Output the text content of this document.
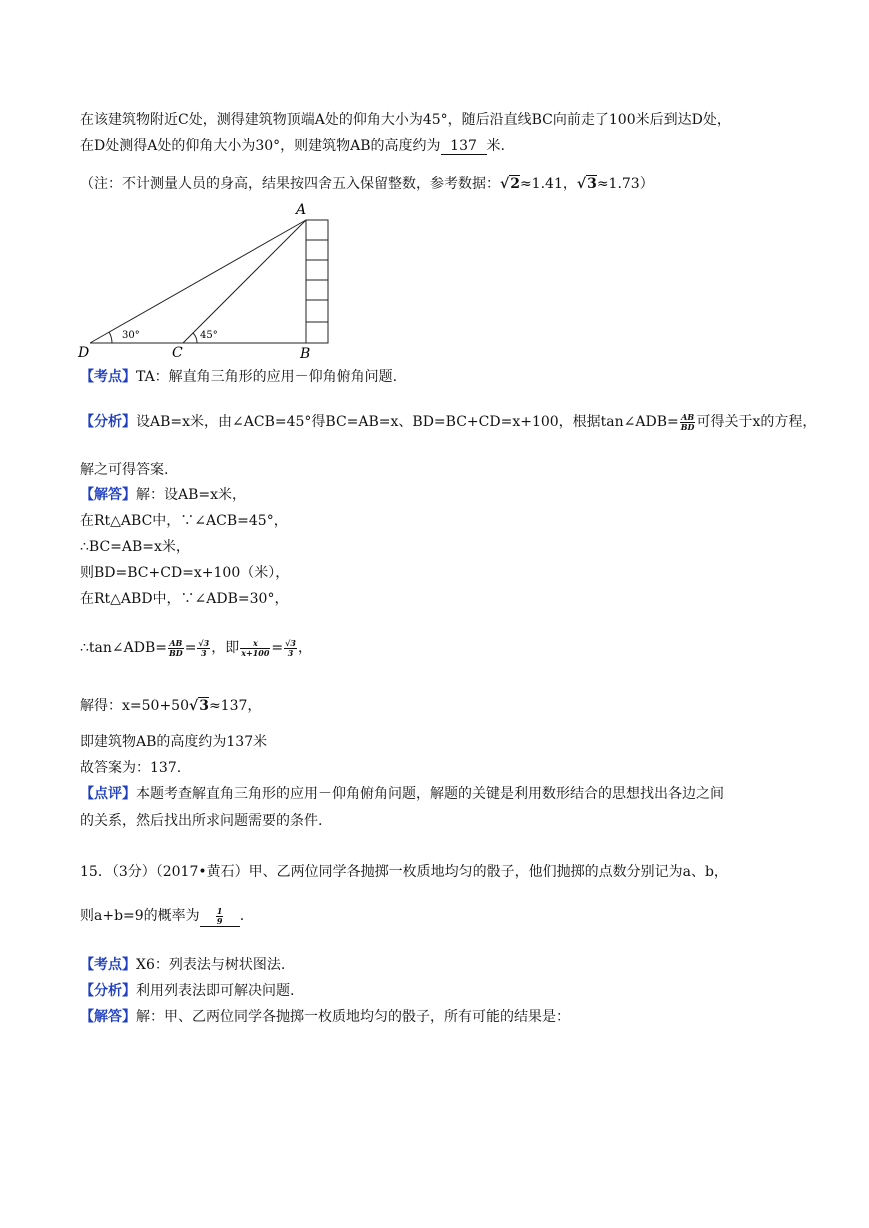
在该建筑物附近C处，测得建筑物顶端A处的仰角大小为45°，随后沿直线BC向前走了100米后到达D处，
在D处测得A处的仰角大小为30°，则建筑物AB的高度约为 137 米.
（注：不计测量人员的身高，结果按四舍五入保留整数，参考数据：√2≈1.41，√3≈1.73）
A
B
C
D
30°	45°
【考点】TA：解直角三角形的应用－仰角俯角问题.
【分析】设AB=x米，由∠ACB=45°得BC=AB=x、BD=BC+CD=x+100，根据tan∠ADB= $\frac{AB}{BD}$ 可得关于x的方程，
解之可得答案.
【解答】解：设AB=x米，
在Rt△ABC中，∵∠ACB=45°，
∴BC=AB=x米，
则BD=BC+CD=x+100（米），
在Rt△ABD中，∵∠ADB=30°，
∴tan∠ADB= $\frac{AB}{BD} = \frac{√3}{3}$ ，即 $\frac{x}{x+100} = \frac{√3}{3}$ ，
解得：x=50+50√3≈137，
即建筑物AB的高度约为137米
故答案为：137.
【点评】本题考查解直角三角形的应用－仰角俯角问题，解题的关键是利用数形结合的思想找出各边之间
的关系，然后找出所求问题需要的条件.
15．（3分）（2017•黄石）甲、乙两位同学各抛掷一枚质地均匀的骰子，他们抛掷的点数分别记为a、b，
则a+b=9的概率为 $\frac{1}{9}$ .
【考点】X6：列表法与树状图法.
【分析】利用列表法即可解决问题.
【解答】解：甲、乙两位同学各抛掷一枚质地均匀的骰子，所有可能的结果是：
